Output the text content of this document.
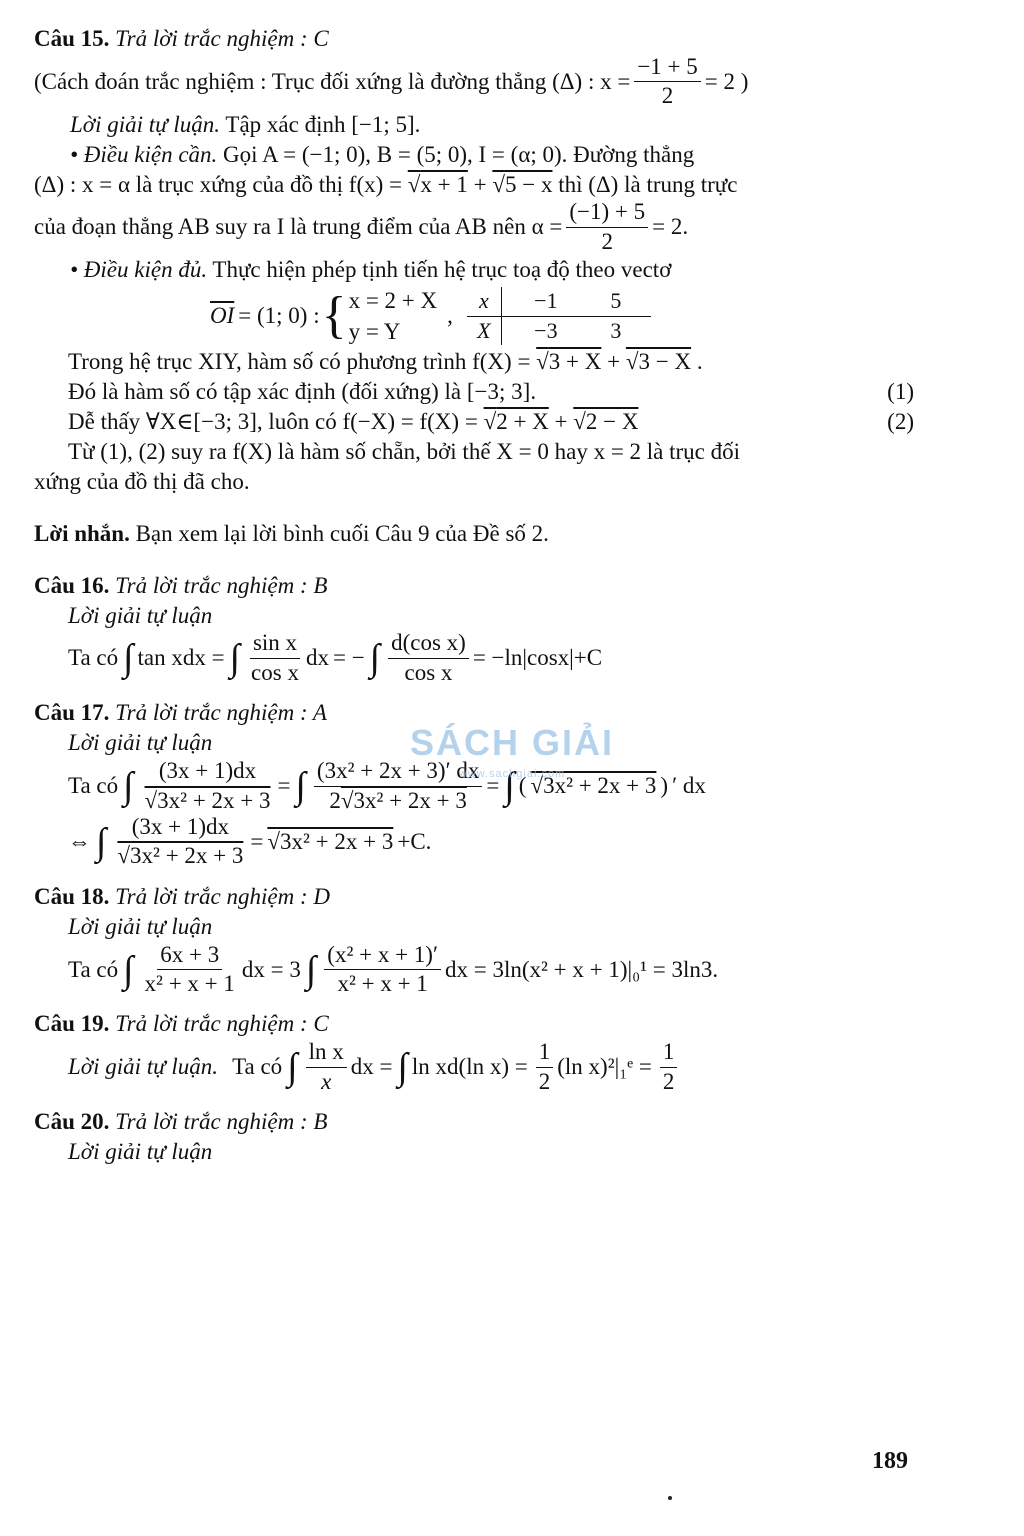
Câu 15. Trả lời trắc nghiệm : C
(Cách đoán trắc nghiệm : Trục đối xứng là đường thẳng (Δ) : $x = \frac{-1 + 5}{2} = 2$ )
Lời giải tự luận. Tập xác định [−1; 5].
• Điều kiện cần. Gọi A = (−1; 0), B = (5; 0), I = (α; 0). Đường thẳng
(Δ) : x = α là trục xứng của đồ thị f(x) = √ x + 1 + √ 5 − x thì (Δ) là trung trực
của đoạn thẳng AB suy ra I là trung điểm của AB nên $\alpha = \frac{(-1) + 5}{2} = 2$.
• Điều kiện đủ. Thực hiện phép tịnh tiến hệ trục toạ độ theo vectơ
$\overline{OI} = (1$; 0) : { x = 2 + X
y = Y
,
x	−1	5
X	−3	3
Trong hệ trục XIY, hàm số có phương trình f(X) = √ 3 + X + √ 3 − X .
Đó là hàm số có tập xác định (đối xứng) là [−3; 3].	(1)
Dễ thấy ∀X∈[−3; 3], luôn có f(−X) = f(X) = √ 2 + X + √ 2 − X	(2)
Từ (1), (2) suy ra f(X) là hàm số chẵn, bởi thế X = 0 hay x = 2 là trục đối
xứng của đồ thị đã cho.
Lời nhắn. Bạn xem lại lời bình cuối Câu 9 của Đề số 2.
Câu 16. Trả lời trắc nghiệm : B
Lời giải tự luận
Ta có ∫ tan xdx = ∫ $\frac{\text{sin x}}{\text{cos x}}$ dx = − ∫ $\frac{\text{d(cos x)}}{\text{cos x}} = -\ln|\cos x|+C$
Câu 17. Trả lời trắc nghiệm : A
Lời giải tự luận
Ta có ∫ (3x + 1)dx
√ 3x² + 2x + 3 = ∫ $\frac{\text{(3x² + 2x + 3)′ dx}}{\text{2 √ 3x² + 2x + 3}}$ = ∫ ( √ 3x² + 2x + 3 ) ′ dx
⇔ ∫ (3x + 1)dx
√ 3x² + 2x + 3 = √ 3x² + 2x + 3 +C.
Câu 18. Trả lời trắc nghiệm : D
Lời giải tự luận
Ta có ∫ $\frac{6x + 3}{\text{x² + x + 1}}$ dx = 3 ∫ $\frac{\text{(x² + x + 1)′}}{\text{x² + x + 1}}$ dx = 3ln(x² + x + 1)|₀¹ = 3ln3.
Câu 19. Trả lời trắc nghiệm : C
Lời giải tự luận. Ta có ∫ $\frac{\text{ln x}}{x}$ dx = ∫ ln xd(ln $x) = \frac{1}{2} (\ln$ x)²|₁ᵉ = $\frac{1}{2}$
Câu 20. Trả lời trắc nghiệm : B
Lời giải tự luận
SÁCH GIẢI
www.sachgiai.com
189
